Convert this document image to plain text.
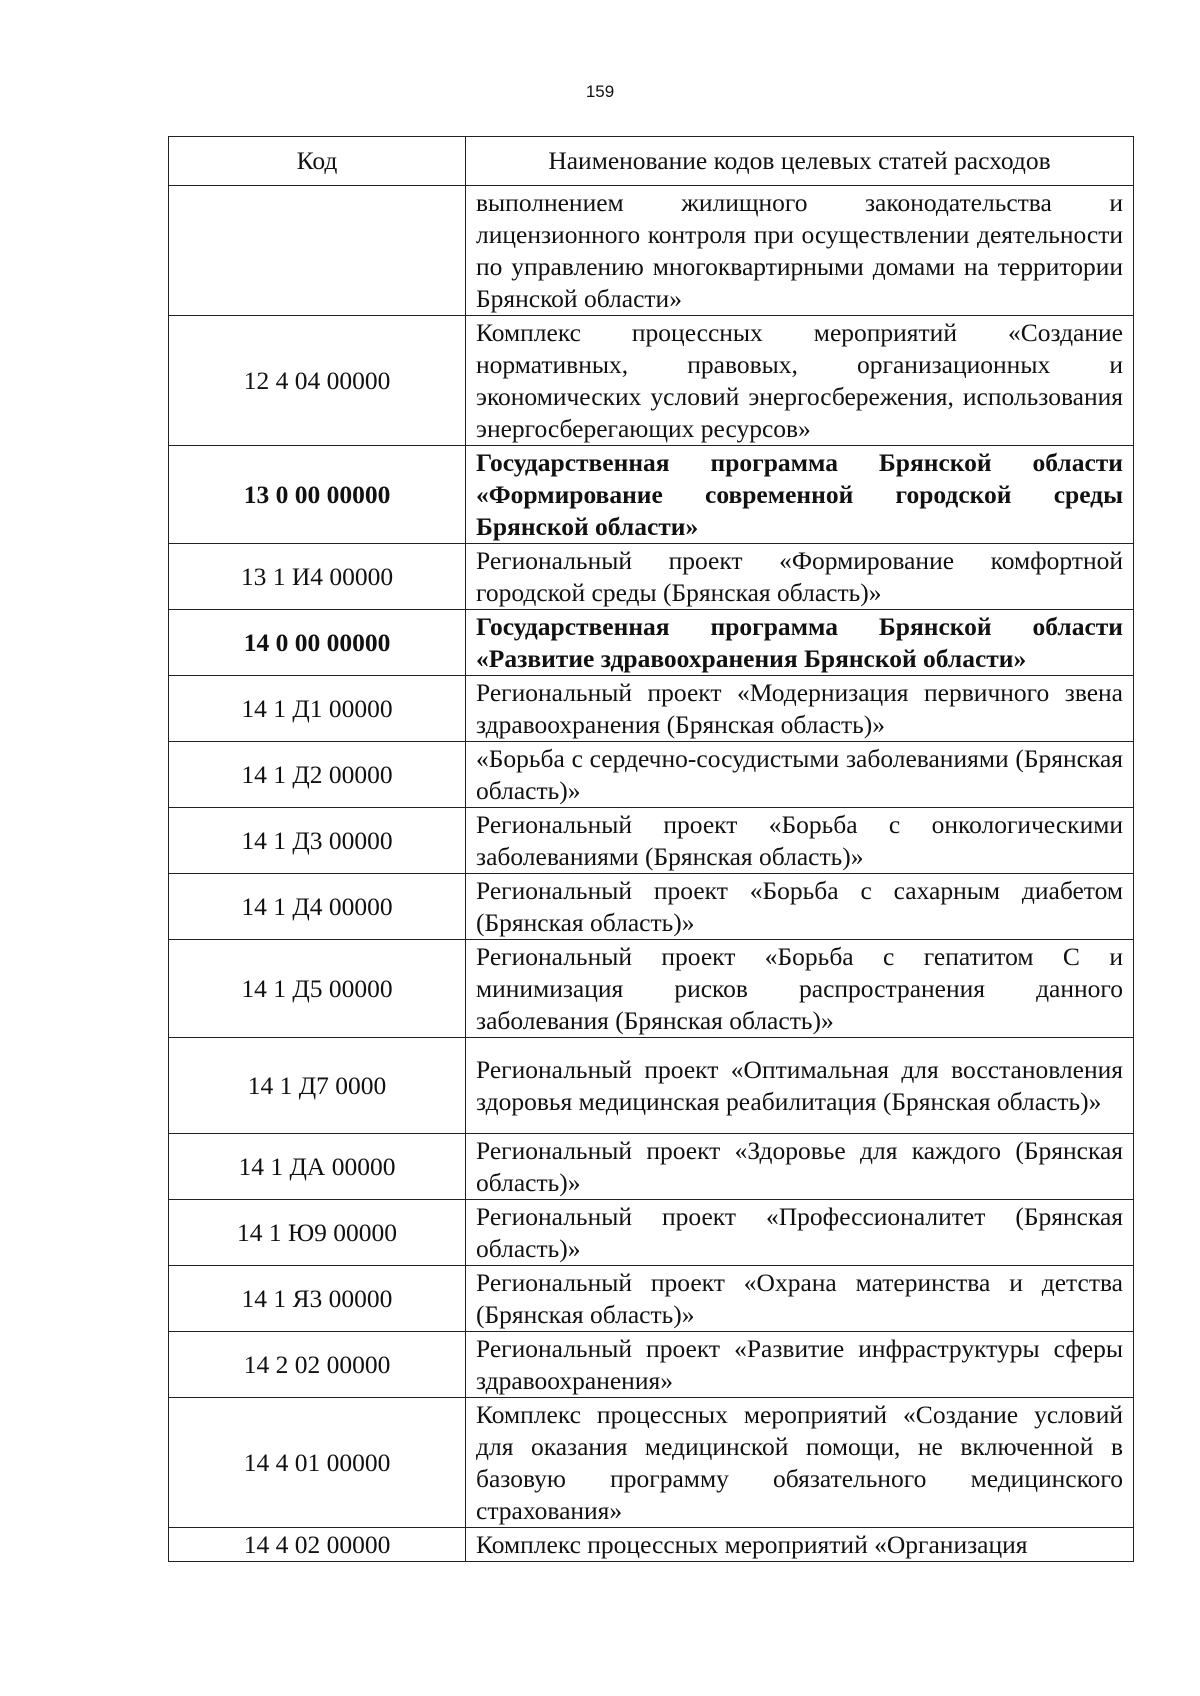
159
Код	Наименование кодов целевых статей расходов
	выполнением жилищного законодательства и лицензионного контроля при осуществлении деятельности по управлению многоквартирными домами на территории Брянской области»
12 4 04 00000	Комплекс процессных мероприятий «Создание нормативных, правовых, организационных и экономических условий энергосбережения, использования энергосберегающих ресурсов»
13 0 00 00000	Государственная программа Брянской области «Формирование современной городской среды Брянской области»
13 1 И4 00000	Региональный проект «Формирование комфортной городской среды (Брянская область)»
14 0 00 00000	Государственная программа Брянской области «Развитие здравоохранения Брянской области»
14 1 Д1 00000	Региональный проект «Модернизация первичного звена здравоохранения (Брянская область)»
14 1 Д2 00000	«Борьба с сердечно-сосудистыми заболеваниями (Брянская область)»
14 1 Д3 00000	Региональный проект «Борьба с онкологическими заболеваниями (Брянская область)»
14 1 Д4 00000	Региональный проект «Борьба с сахарным диабетом (Брянская область)»
14 1 Д5 00000	Региональный проект «Борьба с гепатитом С и минимизация рисков распространения данного заболевания (Брянская область)»
14 1 Д7 0000	Региональный проект «Оптимальная для восстановления здоровья медицинская реабилитация (Брянская область)»
14 1 ДА 00000	Региональный проект «Здоровье для каждого (Брянская область)»
14 1 Ю9 00000	Региональный проект «Профессионалитет (Брянская область)»
14 1 Я3 00000	Региональный проект «Охрана материнства и детства (Брянская область)»
14 2 02 00000	Региональный проект «Развитие инфраструктуры сферы здравоохранения»
14 4 01 00000	Комплекс процессных мероприятий «Создание условий для оказания медицинской помощи, не включенной в базовую программу обязательного медицинского страхования»
14 4 02 00000	Комплекс процессных мероприятий «Организация
